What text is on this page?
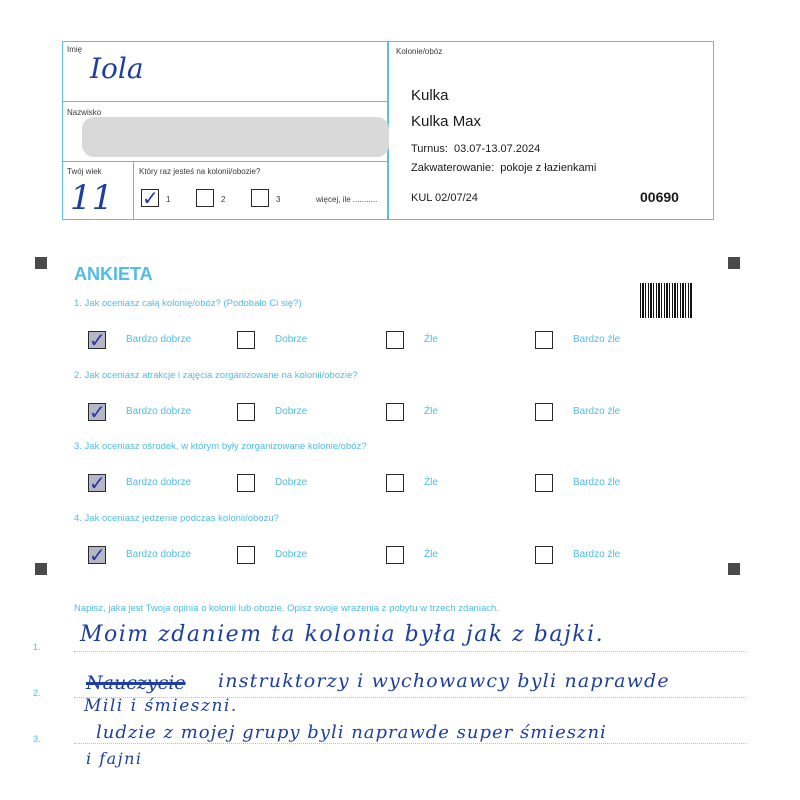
Imię
Iola
Nazwisko
Twój wiek
11
Który raz jesteś na kolonii/obozie?
✓ 1	2	3	więcej, ile ...........
Kolonie/obóz
Kulka
Kulka Max
Turnus: 03.07-13.07.2024
Zakwaterowanie: pokoje z łazienkami
KUL 02/07/24	00690
ANKIETA
1. Jak oceniasz całą kolonię/obóz? (Podobało Ci się?)
✓ Bardzo dobrze	Dobrze	Źle	Bardzo źle
2. Jak oceniasz atrakcje i zajęcia zorganizowane na kolonii/obozie?
✓ Bardzo dobrze	Dobrze	Źle	Bardzo źle
3. Jak oceniasz ośrodek, w którym były zorganizowane kolonie/obóz?
✓ Bardzo dobrze	Dobrze	Źle	Bardzo źle
4. Jak oceniasz jedzenie podczas kolonii/obozu?
✓ Bardzo dobrze	Dobrze	Źle	Bardzo źle
Napisz, jaka jest Twoja opinia o kolonii lub obozie. Opisz swoje wrażenia z pobytu w trzech zdaniach.
1.
2.
3.
Moim zdaniem ta kolonia była jak z bajki.
Nauczycie instruktorzy i wychowawcy byli naprawde
Mili i śmieszni.
ludzie z mojej grupy byli naprawde super śmieszni
i fajni
